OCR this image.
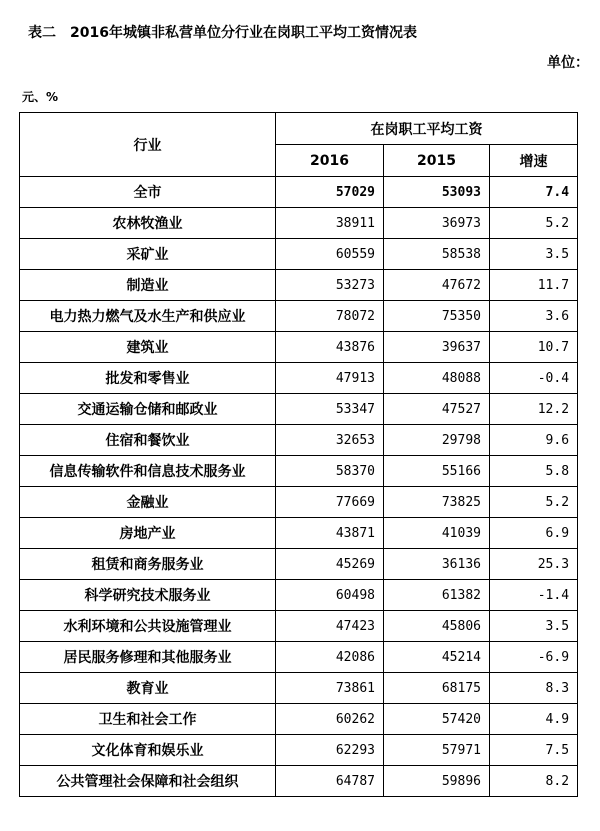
表二　2016年城镇非私营单位分行业在岗职工平均工资情况表
单位：
元、%
行业	在岗职工平均工资		
	2016	2015	增速
全市	57029	53093	7.4
农林牧渔业	38911	36973	5.2
采矿业	60559	58538	3.5
制造业	53273	47672	11.7
电力热力燃气及水生产和供应业	78072	75350	3.6
建筑业	43876	39637	10.7
批发和零售业	47913	48088	-0.4
交通运输仓储和邮政业	53347	47527	12.2
住宿和餐饮业	32653	29798	9.6
信息传输软件和信息技术服务业	58370	55166	5.8
金融业	77669	73825	5.2
房地产业	43871	41039	6.9
租赁和商务服务业	45269	36136	25.3
科学研究技术服务业	60498	61382	-1.4
水利环境和公共设施管理业	47423	45806	3.5
居民服务修理和其他服务业	42086	45214	-6.9
教育业	73861	68175	8.3
卫生和社会工作	60262	57420	4.9
文化体育和娱乐业	62293	57971	7.5
公共管理社会保障和社会组织	64787	59896	8.2
